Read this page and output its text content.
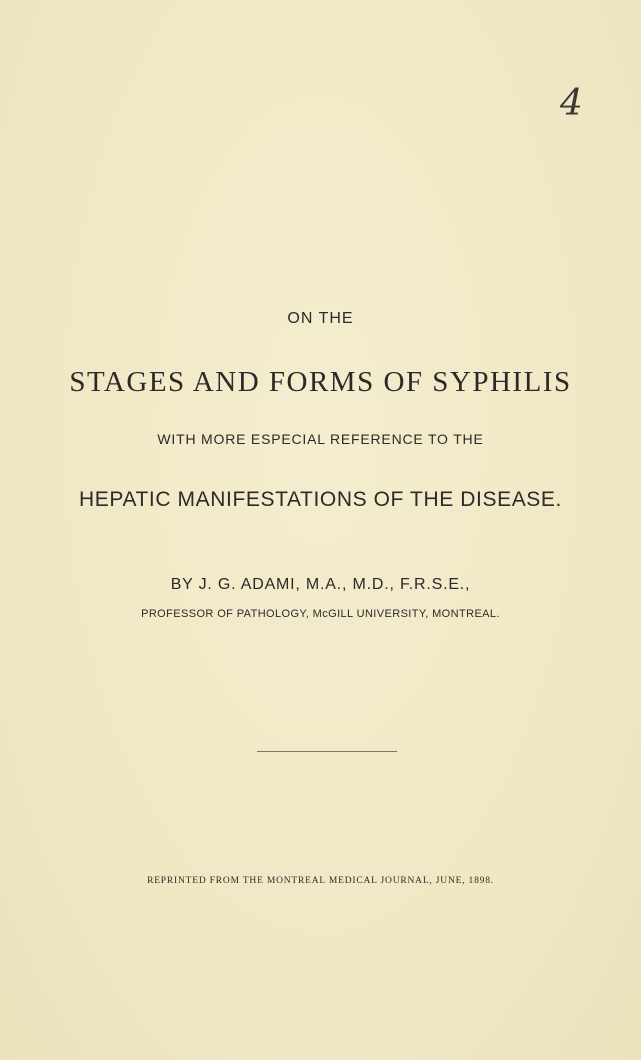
4
ON THE
STAGES AND FORMS OF SYPHILIS
WITH MORE ESPECIAL REFERENCE TO THE
HEPATIC MANIFESTATIONS OF THE DISEASE.
BY J. G. ADAMI, M.A., M.D., F.R.S.E.,
PROFESSOR OF PATHOLOGY, McGILL UNIVERSITY, MONTREAL.
REPRINTED FROM THE MONTREAL MEDICAL JOURNAL, JUNE, 1898.
